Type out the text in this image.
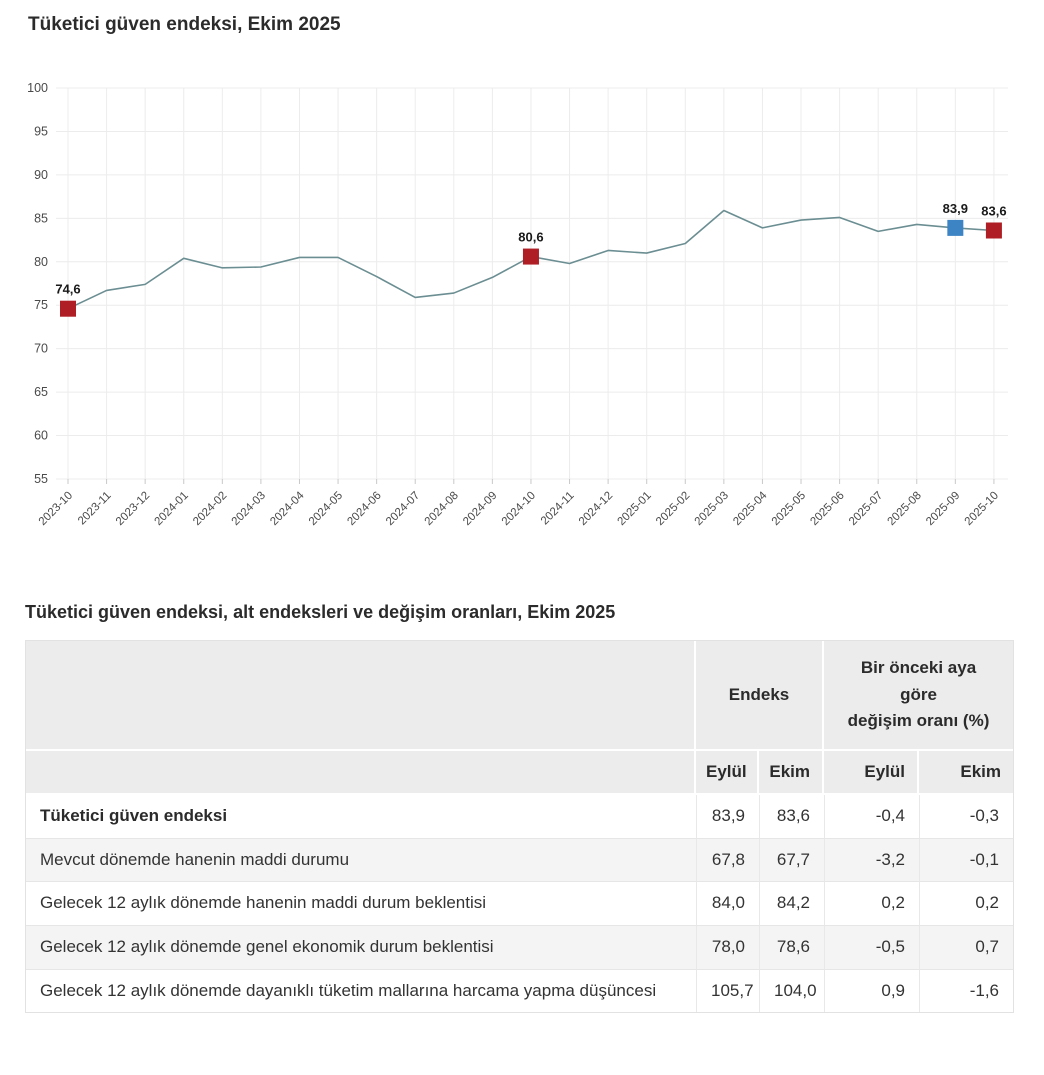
Tüketici güven endeksi, Ekim 2025
55
60
65
70
75
80
85
90
95
100
2023-10 2023-11 2023-12 2024-01 2024-02 2024-03 2024-04 2024-05 2024-06 2024-07 2024-08 2024-09 2024-10 2024-11 2024-12 2025-01 2025-02 2025-03 2025-04 2025-05 2025-06 2025-07 2025-08 2025-09 2025-10
74,6
80,6
83,9 83,6
Tüketici güven endeksi, alt endeksleri ve değişim oranları, Ekim 2025
	Endeks		Bir önceki aya
göre
değişim oranı (%)	

	Eylül	Ekim	Eylül	Ekim
Tüketici güven endeksi	83,9	83,6	-0,4	-0,3
Mevcut dönemde hanenin maddi durumu	67,8	67,7	-3,2	-0,1
Gelecek 12 aylık dönemde hanenin maddi durum beklentisi	84,0	84,2	0,2	0,2
Gelecek 12 aylık dönemde genel ekonomik durum beklentisi	78,0	78,6	-0,5	0,7
Gelecek 12 aylık dönemde dayanıklı tüketim mallarına harcama yapma düşüncesi	105,7	104,0	0,9	-1,6
